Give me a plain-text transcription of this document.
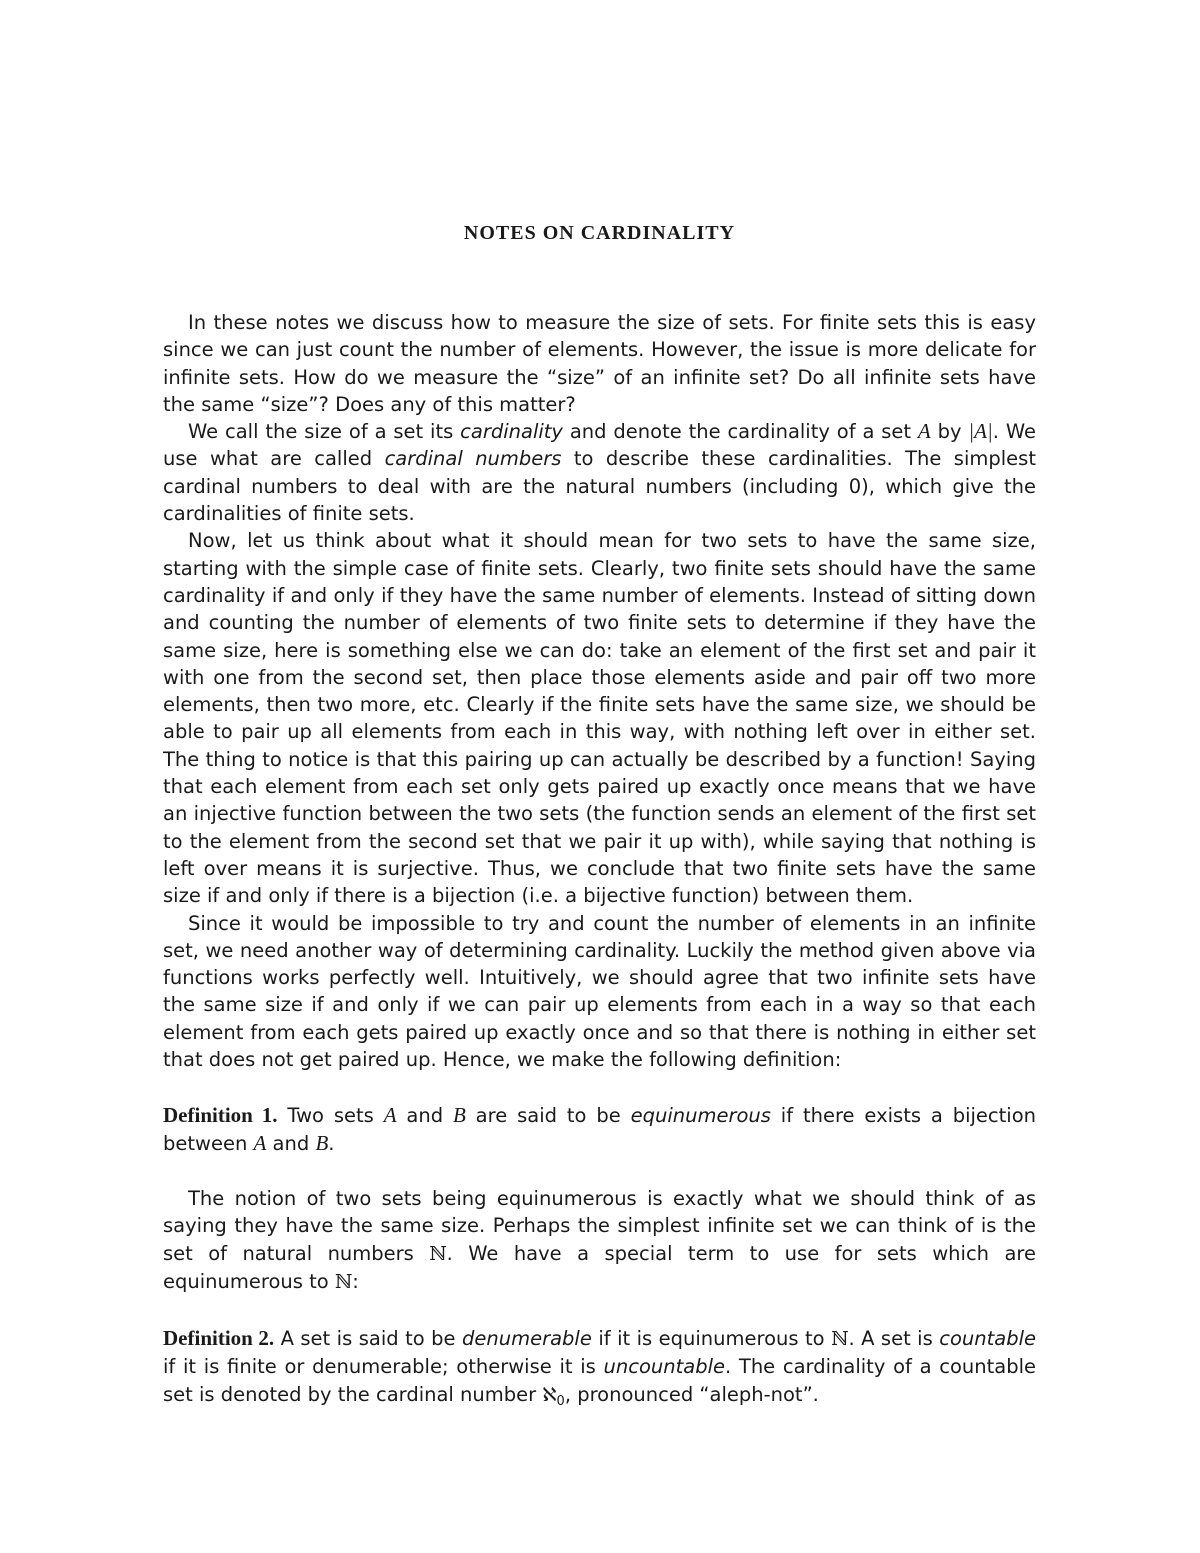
NOTES ON CARDINALITY

In these notes we discuss how to measure the size of sets. For finite sets this is easy since we can just count the number of elements. However, the issue is more delicate for infinite sets. How do we measure the “size” of an infinite set? Do all infinite sets have the same “size”? Does any of this matter?

We call the size of a set its cardinality and denote the cardinality of a set A by |A|. We use what are called cardinal numbers to describe these cardinalities. The simplest cardinal numbers to deal with are the natural numbers (including 0), which give the cardinalities of finite sets.

Now, let us think about what it should mean for two sets to have the same size, starting with the simple case of finite sets. Clearly, two finite sets should have the same cardinality if and only if they have the same number of elements. Instead of sitting down and counting the number of elements of two finite sets to determine if they have the same size, here is something else we can do: take an element of the first set and pair it with one from the second set, then place those elements aside and pair off two more elements, then two more, etc. Clearly if the finite sets have the same size, we should be able to pair up all elements from each in this way, with nothing left over in either set. The thing to notice is that this pairing up can actually be described by a function! Saying that each element from each set only gets paired up exactly once means that we have an injective function between the two sets (the function sends an element of the first set to the element from the second set that we pair it up with), while saying that nothing is left over means it is surjective. Thus, we conclude that two finite sets have the same size if and only if there is a bijection (i.e. a bijective function) between them.

Since it would be impossible to try and count the number of elements in an infinite set, we need another way of determining cardinality. Luckily the method given above via functions works perfectly well. Intuitively, we should agree that two infinite sets have the same size if and only if we can pair up elements from each in a way so that each element from each gets paired up exactly once and so that there is nothing in either set that does not get paired up. Hence, we make the following definition:

Definition 1. Two sets A and B are said to be equinumerous if there exists a bijection between A and B.

The notion of two sets being equinumerous is exactly what we should think of as saying they have the same size. Perhaps the simplest infinite set we can think of is the set of natural numbers ℕ. We have a special term to use for sets which are equinumerous to ℕ:

Definition 2. A set is said to be denumerable if it is equinumerous to ℕ. A set is countable if it is finite or denumerable; otherwise it is uncountable. The cardinality of a countable set is denoted by the cardinal number ℵ$_0$, pronounced “aleph-not”.
